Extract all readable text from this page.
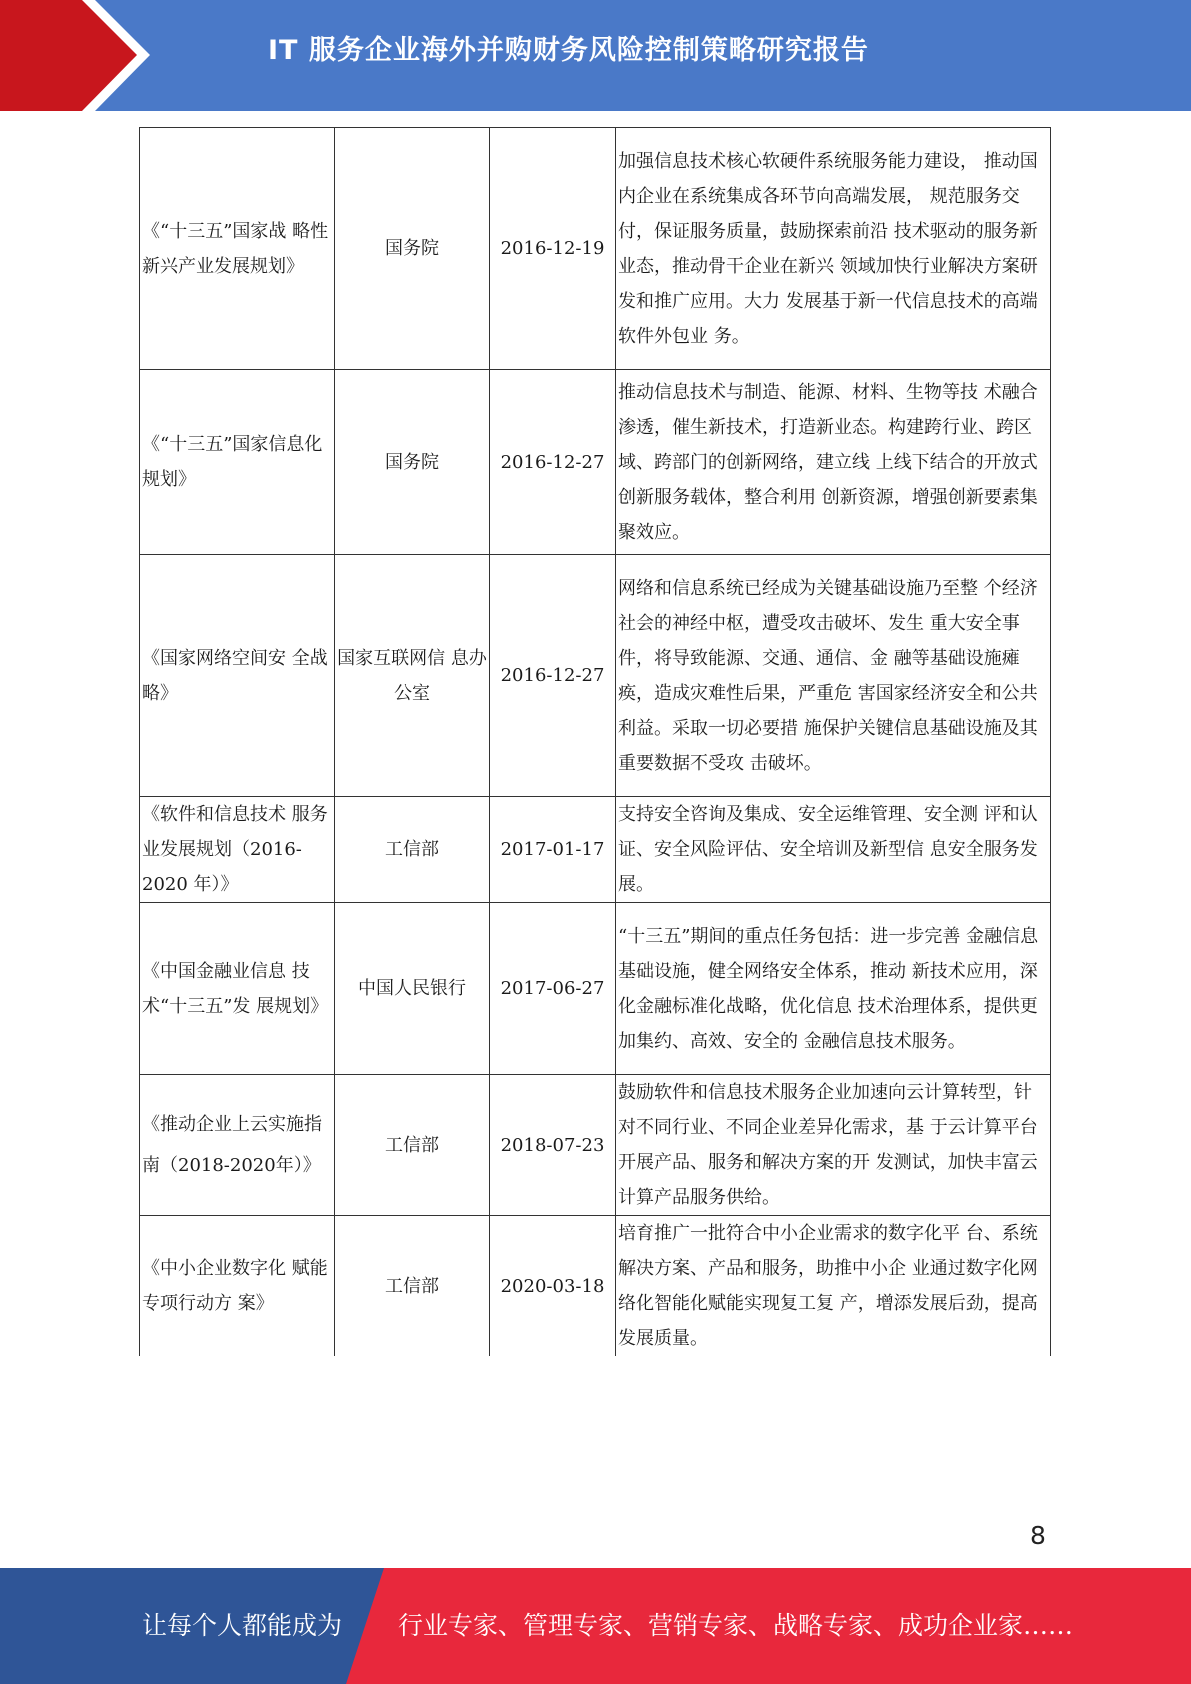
IT 服务企业海外并购财务风险控制策略研究报告
《“十三五”国家战 略性新兴产业发展规划》	国务院	2016-12-19	加强信息技术核心软硬件系统服务能力建设， 推动国内企业在系统集成各环节向高端发展， 规范服务交付，保证服务质量，鼓励探索前沿 技术驱动的服务新业态，推动骨干企业在新兴 领域加快行业解决方案研发和推广应用。大力 发展基于新一代信息技术的高端软件外包业 务。
《“十三五”国家信息化规划》	国务院	2016-12-27	推动信息技术与制造、能源、材料、生物等技 术融合渗透，催生新技术，打造新业态。构建跨行业、跨区域、跨部门的创新网络，建立线 上线下结合的开放式创新服务载体，整合利用 创新资源，增强创新要素集聚效应。
《国家网络空间安 全战略》	国家互联网信 息办公室	2016-12-27	网络和信息系统已经成为关键基础设施乃至整 个经济社会的神经中枢，遭受攻击破坏、发生 重大安全事件，将导致能源、交通、通信、金 融等基础设施瘫痪，造成灾难性后果，严重危 害国家经济安全和公共利益。采取一切必要措 施保护关键信息基础设施及其重要数据不受攻 击破坏。
《软件和信息技术 服务业发展规划（2016-2020 年）》	工信部	2017-01-17	支持安全咨询及集成、安全运维管理、安全测 评和认证、安全风险评估、安全培训及新型信 息安全服务发展。
《中国金融业信息 技术“十三五”发 展规划》	中国人民银行	2017-06-27	“十三五”期间的重点任务包括：进一步完善 金融信息基础设施，健全网络安全体系，推动 新技术应用，深化金融标准化战略，优化信息 技术治理体系，提供更加集约、高效、安全的 金融信息技术服务。
《推动企业上云实施指南（2018-2020年）》	工信部	2018-07-23	鼓励软件和信息技术服务企业加速向云计算转型，针对不同行业、不同企业差异化需求，基 于云计算平台开展产品、服务和解决方案的开 发测试，加快丰富云计算产品服务供给。
《中小企业数字化 赋能专项行动方 案》	工信部	2020-03-18	培育推广一批符合中小企业需求的数字化平 台、系统解决方案、产品和服务，助推中小企 业通过数字化网络化智能化赋能实现复工复 产，增添发展后劲，提高发展质量。
8
让每个人都能成为 行业专家、管理专家、营销专家、战略专家、成功企业家……
